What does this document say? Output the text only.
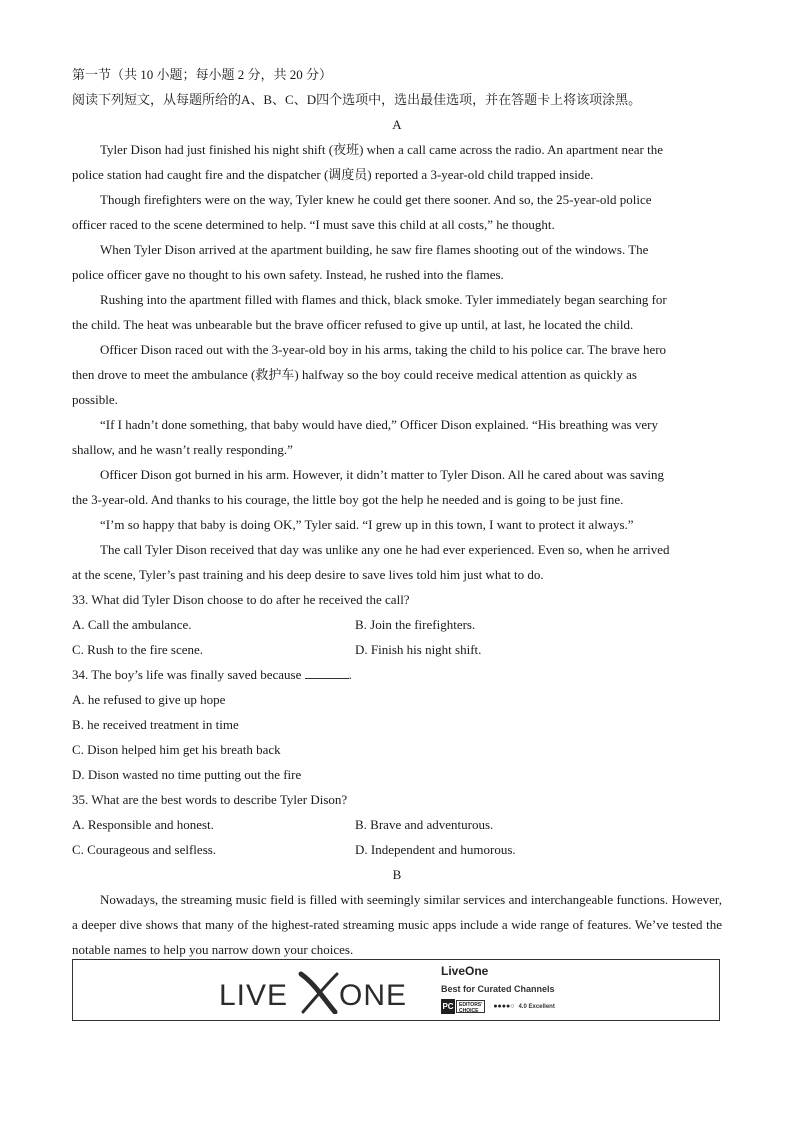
第一节（共 10 小题；每小题 2 分，共 20 分）
阅读下列短文，从每题所给的A、B、C、D四个选项中，选出最佳选项，并在答题卡上将该项涂黑。
A
Tyler Dison had just finished his night shift (夜班) when a call came across the radio. An apartment near the
police station had caught fire and the dispatcher (调度员) reported a 3-year-old child trapped inside.
Though firefighters were on the way, Tyler knew he could get there sooner. And so, the 25-year-old police
officer raced to the scene determined to help. “I must save this child at all costs,” he thought.
When Tyler Dison arrived at the apartment building, he saw fire flames shooting out of the windows. The
police officer gave no thought to his own safety. Instead, he rushed into the flames.
Rushing into the apartment filled with flames and thick, black smoke. Tyler immediately began searching for
the child. The heat was unbearable but the brave officer refused to give up until, at last, he located the child.
Officer Dison raced out with the 3-year-old boy in his arms, taking the child to his police car. The brave hero
then drove to meet the ambulance (救护车) halfway so the boy could receive medical attention as quickly as
possible.
“If I hadn’t done something, that baby would have died,” Officer Dison explained. “His breathing was very
shallow, and he wasn’t really responding.”
Officer Dison got burned in his arm. However, it didn’t matter to Tyler Dison. All he cared about was saving
the 3-year-old. And thanks to his courage, the little boy got the help he needed and is going to be just fine.
“I’m so happy that baby is doing OK,” Tyler said. “I grew up in this town, I want to protect it always.”
The call Tyler Dison received that day was unlike any one he had ever experienced. Even so, when he arrived
at the scene, Tyler’s past training and his deep desire to save lives told him just what to do.
33. What did Tyler Dison choose to do after he received the call?
A. Call the ambulance.	B. Join the firefighters.
C. Rush to the fire scene.	D. Finish his night shift.
34. The boy’s life was finally saved because	.
A. he refused to give up hope
B. he received treatment in time
C. Dison helped him get his breath back
D. Dison wasted no time putting out the fire
35. What are the best words to describe Tyler Dison?
A. Responsible and honest.	B. Brave and adventurous.
C. Courageous and selfless.	D. Independent and humorous.
B
Nowadays, the streaming music field is filled with seemingly similar services and interchangeable functions. However, a deeper dive shows that many of the highest-rated streaming music apps include a wide range of features. We’ve tested the notable names to help you narrow down your choices.
LIVE ONE
LiveOne
Best for Curated Channels
PC	EDITORS'
CHOICE
●●●●○ 4.0 Excellent
